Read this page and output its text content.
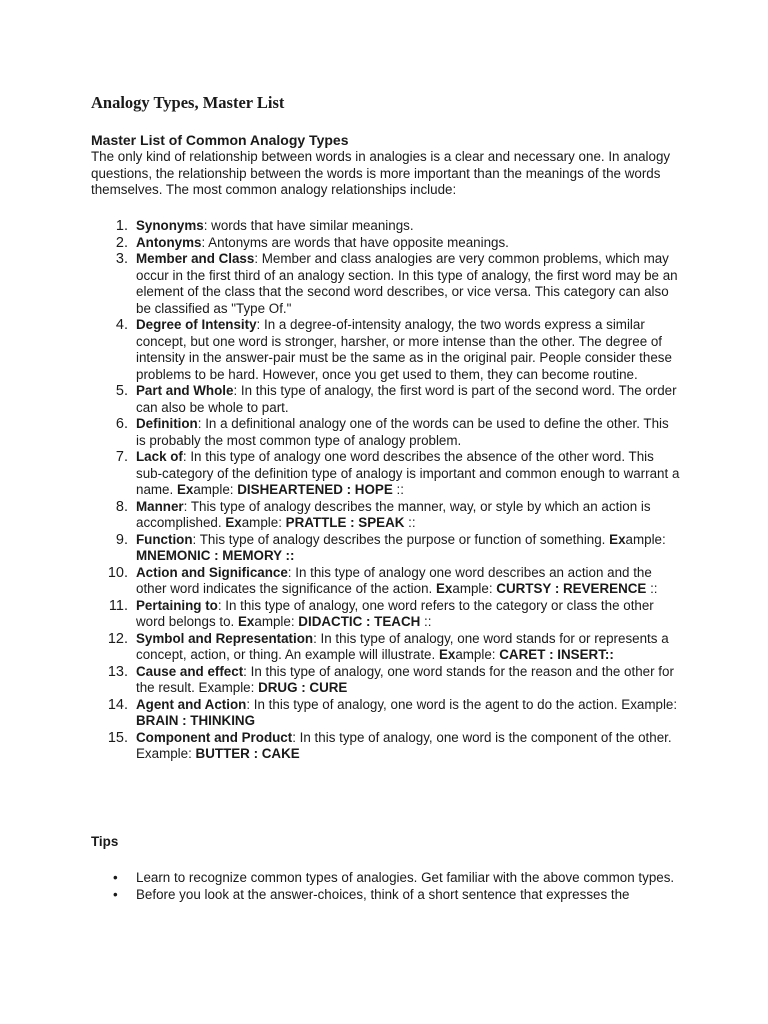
Analogy Types, Master List
Master List of Common Analogy Types

The only kind of relationship between words in analogies is a clear and necessary one. In analogy questions, the relationship between the words is more important than the meanings of the words themselves. The most common analogy relationships include:

1. Synonyms: words that have similar meanings.
2. Antonyms: Antonyms are words that have opposite meanings.
3. Member and Class: Member and class analogies are very common problems, which may occur in the first third of an analogy section. In this type of analogy, the first word may be an element of the class that the second word describes, or vice versa. This category can also be classified as "Type Of."
4. Degree of Intensity: In a degree-of-intensity analogy, the two words express a similar concept, but one word is stronger, harsher, or more intense than the other. The degree of intensity in the answer-pair must be the same as in the original pair. People consider these problems to be hard. However, once you get used to them, they can become routine.
5. Part and Whole: In this type of analogy, the first word is part of the second word. The order can also be whole to part.
6. Definition: In a definitional analogy one of the words can be used to define the other. This is probably the most common type of analogy problem.
7. Lack of: In this type of analogy one word describes the absence of the other word. This sub-category of the definition type of analogy is important and common enough to warrant a name. Example: DISHEARTENED : HOPE ::
8. Manner: This type of analogy describes the manner, way, or style by which an action is accomplished. Example: PRATTLE : SPEAK ::
9. Function: This type of analogy describes the purpose or function of something. Example: MNEMONIC : MEMORY ::
10. Action and Significance: In this type of analogy one word describes an action and the other word indicates the significance of the action. Example: CURTSY : REVERENCE ::
11. Pertaining to: In this type of analogy, one word refers to the category or class the other word belongs to. Example: DIDACTIC : TEACH ::
12. Symbol and Representation: In this type of analogy, one word stands for or represents a concept, action, or thing. An example will illustrate. Example: CARET : INSERT::
13. Cause and effect: In this type of analogy, one word stands for the reason and the other for the result. Example: DRUG : CURE
14. Agent and Action: In this type of analogy, one word is the agent to do the action. Example: BRAIN : THINKING
15. Component and Product: In this type of analogy, one word is the component of the other. Example: BUTTER : CAKE
Tips
• Learn to recognize common types of analogies. Get familiar with the above common types.
• Before you look at the answer-choices, think of a short sentence that expresses the
